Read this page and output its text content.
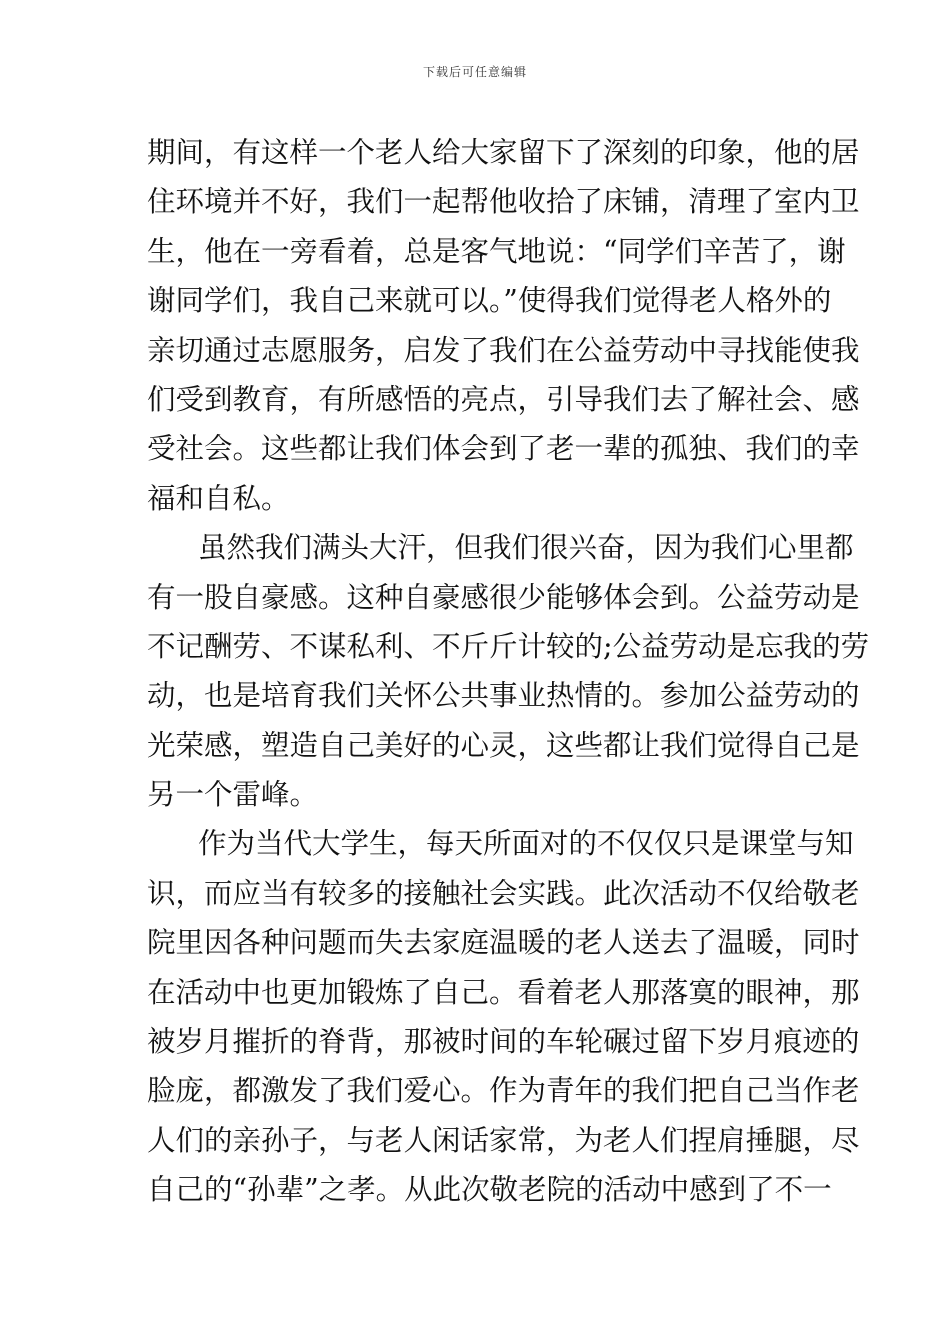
下载后可任意编辑
期间，有这样一个老人给大家留下了深刻的印象，他的居
住环境并不好，我们一起帮他收拾了床铺，清理了室内卫
生，他在一旁看着，总是客气地说：“同学们辛苦了，谢
谢同学们，我自己来就可以。”使得我们觉得老人格外的
亲切通过志愿服务，启发了我们在公益劳动中寻找能使我
们受到教育，有所感悟的亮点，引导我们去了解社会、感
受社会。这些都让我们体会到了老一辈的孤独、我们的幸
福和自私。
虽然我们满头大汗，但我们很兴奋，因为我们心里都
有一股自豪感。这种自豪感很少能够体会到。公益劳动是
不记酬劳、不谋私利、不斤斤计较的;公益劳动是忘我的劳
动，也是培育我们关怀公共事业热情的。参加公益劳动的
光荣感，塑造自己美好的心灵，这些都让我们觉得自己是
另一个雷峰。
作为当代大学生，每天所面对的不仅仅只是课堂与知
识，而应当有较多的接触社会实践。此次活动不仅给敬老
院里因各种问题而失去家庭温暖的老人送去了温暖，同时
在活动中也更加锻炼了自己。看着老人那落寞的眼神，那
被岁月摧折的脊背，那被时间的车轮碾过留下岁月痕迹的
脸庞，都激发了我们爱心。作为青年的我们把自己当作老
人们的亲孙子，与老人闲话家常，为老人们捏肩捶腿，尽
自己的“孙辈”之孝。从此次敬老院的活动中感到了不一
